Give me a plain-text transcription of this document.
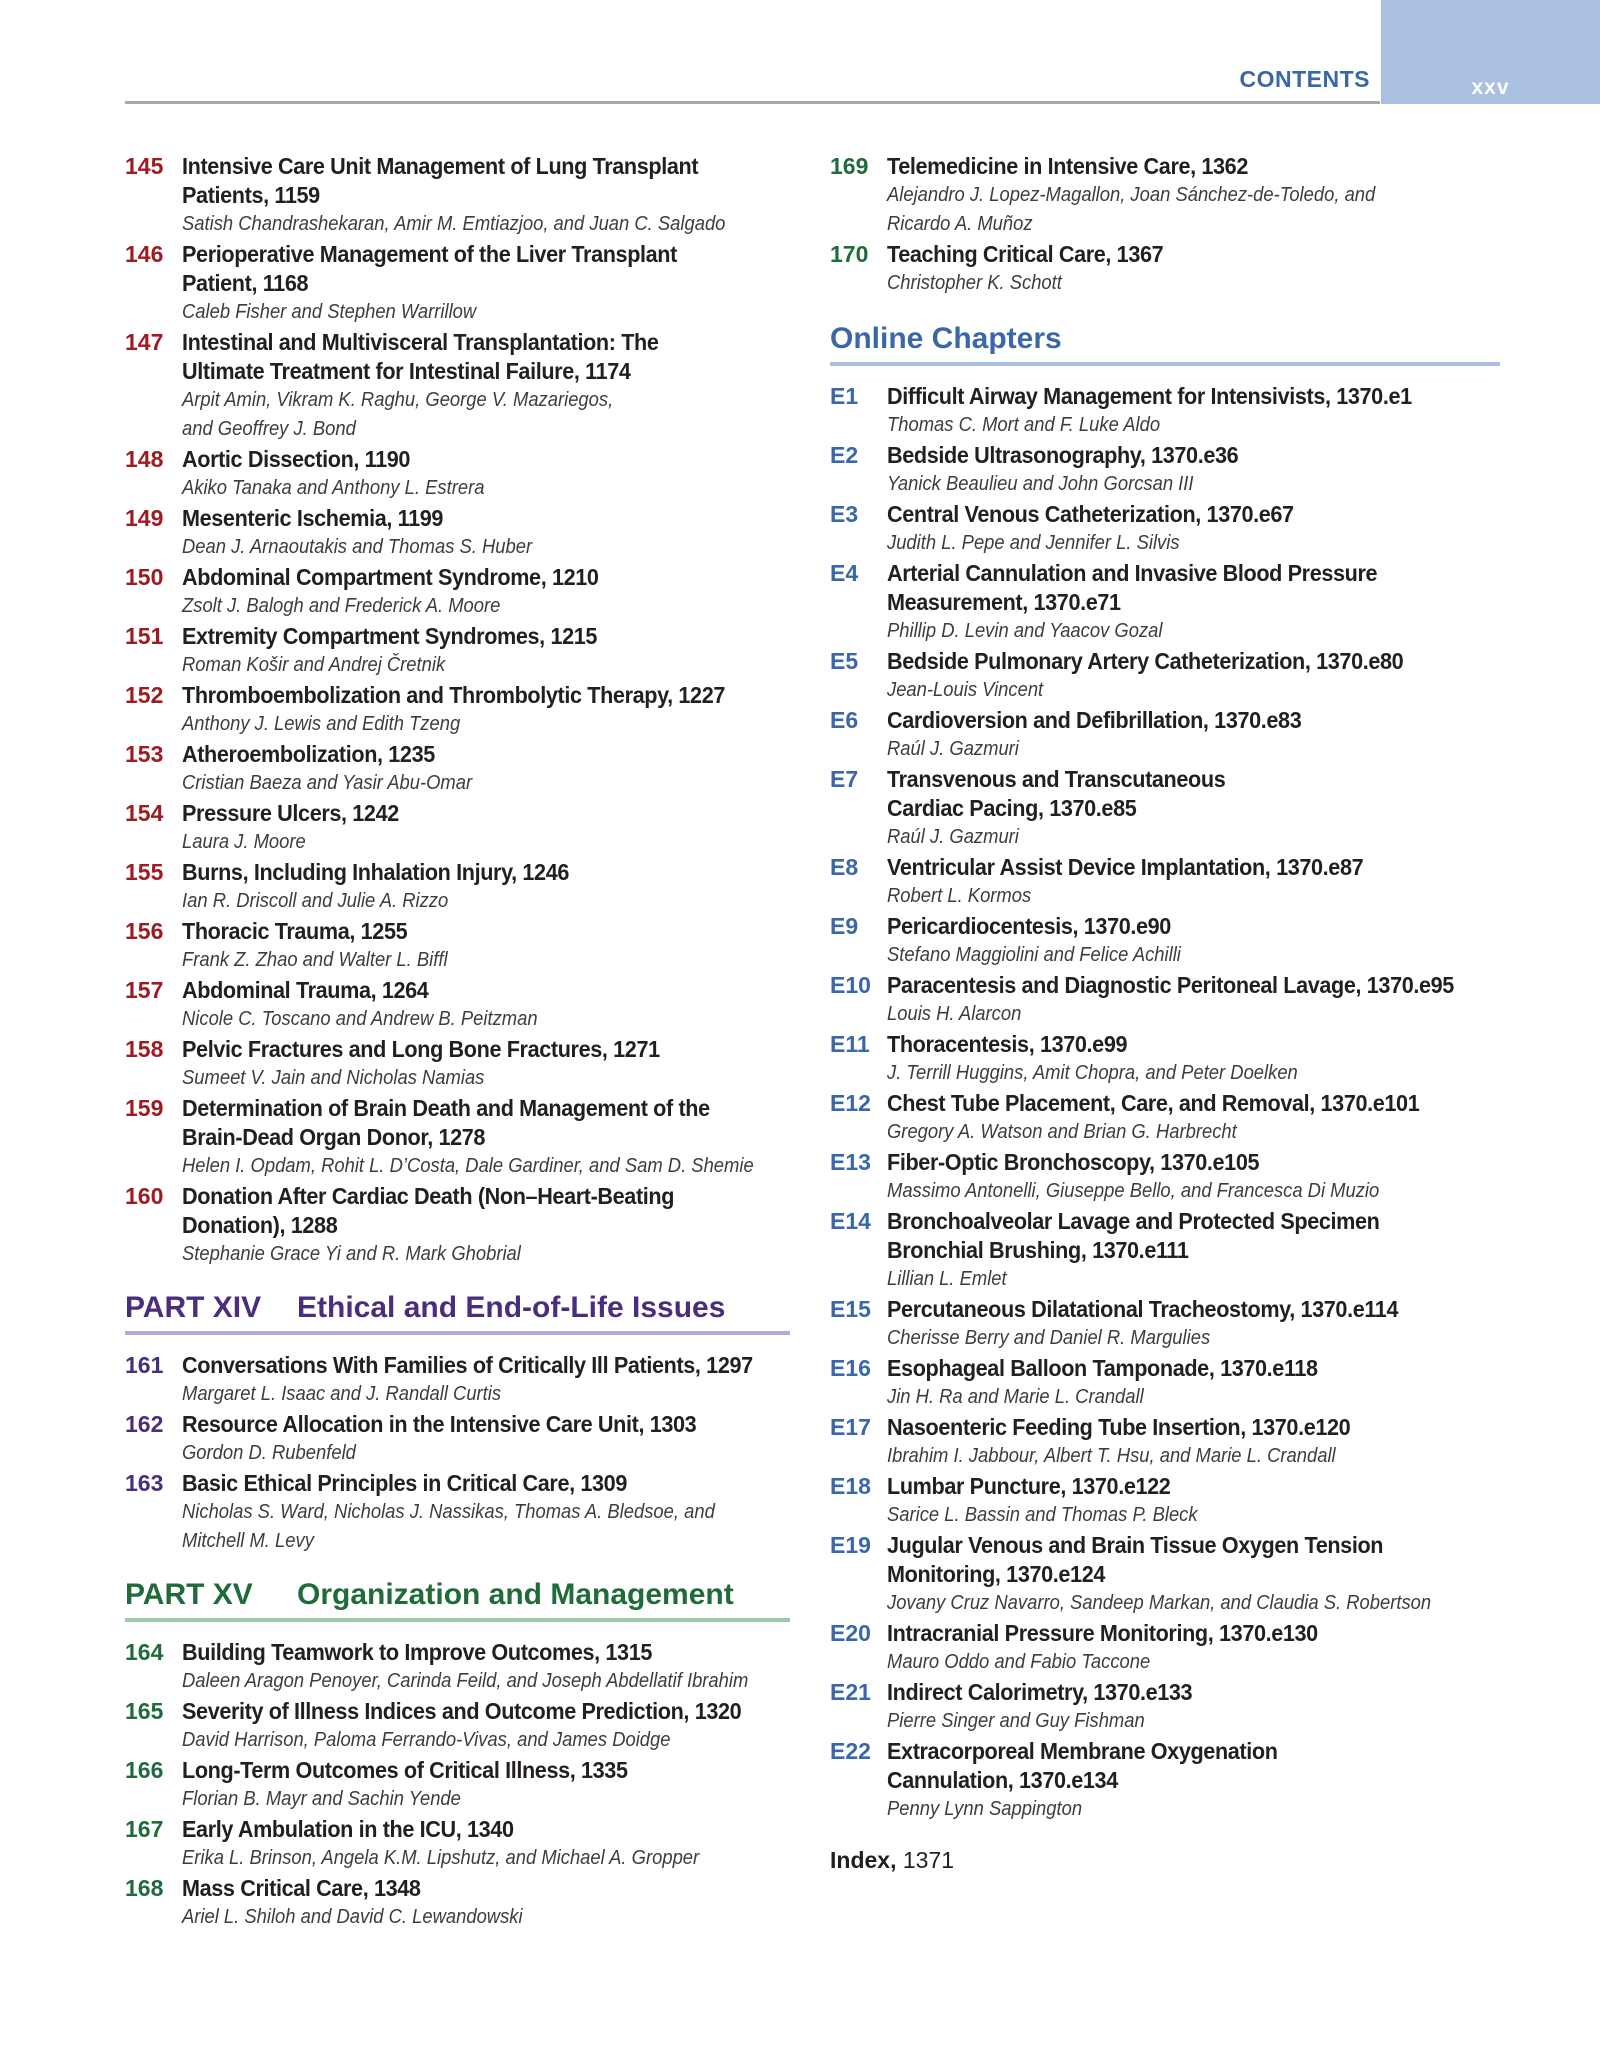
xxv
CONTENTS
145 Intensive Care Unit Management of Lung Transplant
Patients, 1159
Satish Chandrashekaran, Amir M. Emtiazjoo, and Juan C. Salgado
146 Perioperative Management of the Liver Transplant
Patient, 1168
Caleb Fisher and Stephen Warrillow
147 Intestinal and Multivisceral Transplantation: The
Ultimate Treatment for Intestinal Failure, 1174
Arpit Amin, Vikram K. Raghu, George V. Mazariegos,
and Geoffrey J. Bond
148 Aortic Dissection, 1190
Akiko Tanaka and Anthony L. Estrera
149 Mesenteric Ischemia, 1199
Dean J. Arnaoutakis and Thomas S. Huber
150 Abdominal Compartment Syndrome, 1210
Zsolt J. Balogh and Frederick A. Moore
151 Extremity Compartment Syndromes, 1215
Roman Košir and Andrej Čretnik
152 Thromboembolization and Thrombolytic Therapy, 1227
Anthony J. Lewis and Edith Tzeng
153 Atheroembolization, 1235
Cristian Baeza and Yasir Abu-Omar
154 Pressure Ulcers, 1242
Laura J. Moore
155 Burns, Including Inhalation Injury, 1246
Ian R. Driscoll and Julie A. Rizzo
156 Thoracic Trauma, 1255
Frank Z. Zhao and Walter L. Biffl
157 Abdominal Trauma, 1264
Nicole C. Toscano and Andrew B. Peitzman
158 Pelvic Fractures and Long Bone Fractures, 1271
Sumeet V. Jain and Nicholas Namias
159 Determination of Brain Death and Management of the
Brain-Dead Organ Donor, 1278
Helen I. Opdam, Rohit L. D’Costa, Dale Gardiner, and Sam D. Shemie
160 Donation After Cardiac Death (Non–Heart-Beating
Donation), 1288
Stephanie Grace Yi and R. Mark Ghobrial
PART XIV Ethical and End-of-Life Issues
161 Conversations With Families of Critically Ill Patients, 1297
Margaret L. Isaac and J. Randall Curtis
162 Resource Allocation in the Intensive Care Unit, 1303
Gordon D. Rubenfeld
163 Basic Ethical Principles in Critical Care, 1309
Nicholas S. Ward, Nicholas J. Nassikas, Thomas A. Bledsoe, and
Mitchell M. Levy
PART XV Organization and Management
164 Building Teamwork to Improve Outcomes, 1315
Daleen Aragon Penoyer, Carinda Feild, and Joseph Abdellatif Ibrahim
165 Severity of Illness Indices and Outcome Prediction, 1320
David Harrison, Paloma Ferrando-Vivas, and James Doidge
166 Long-Term Outcomes of Critical Illness, 1335
Florian B. Mayr and Sachin Yende
167 Early Ambulation in the ICU, 1340
Erika L. Brinson, Angela K.M. Lipshutz, and Michael A. Gropper
168 Mass Critical Care, 1348
Ariel L. Shiloh and David C. Lewandowski
169 Telemedicine in Intensive Care, 1362
Alejandro J. Lopez-Magallon, Joan Sánchez-de-Toledo, and
Ricardo A. Muñoz
170 Teaching Critical Care, 1367
Christopher K. Schott
Online Chapters
E1 Difficult Airway Management for Intensivists, 1370.e1
Thomas C. Mort and F. Luke Aldo
E2 Bedside Ultrasonography, 1370.e36
Yanick Beaulieu and John Gorcsan III
E3 Central Venous Catheterization, 1370.e67
Judith L. Pepe and Jennifer L. Silvis
E4 Arterial Cannulation and Invasive Blood Pressure
Measurement, 1370.e71
Phillip D. Levin and Yaacov Gozal
E5 Bedside Pulmonary Artery Catheterization, 1370.e80
Jean-Louis Vincent
E6 Cardioversion and Defibrillation, 1370.e83
Raúl J. Gazmuri
E7 Transvenous and Transcutaneous
Cardiac Pacing, 1370.e85
Raúl J. Gazmuri
E8 Ventricular Assist Device Implantation, 1370.e87
Robert L. Kormos
E9 Pericardiocentesis, 1370.e90
Stefano Maggiolini and Felice Achilli
E10 Paracentesis and Diagnostic Peritoneal Lavage, 1370.e95
Louis H. Alarcon
E11 Thoracentesis, 1370.e99
J. Terrill Huggins, Amit Chopra, and Peter Doelken
E12 Chest Tube Placement, Care, and Removal, 1370.e101
Gregory A. Watson and Brian G. Harbrecht
E13 Fiber-Optic Bronchoscopy, 1370.e105
Massimo Antonelli, Giuseppe Bello, and Francesca Di Muzio
E14 Bronchoalveolar Lavage and Protected Specimen
Bronchial Brushing, 1370.e111
Lillian L. Emlet
E15 Percutaneous Dilatational Tracheostomy, 1370.e114
Cherisse Berry and Daniel R. Margulies
E16 Esophageal Balloon Tamponade, 1370.e118
Jin H. Ra and Marie L. Crandall
E17 Nasoenteric Feeding Tube Insertion, 1370.e120
Ibrahim I. Jabbour, Albert T. Hsu, and Marie L. Crandall
E18 Lumbar Puncture, 1370.e122
Sarice L. Bassin and Thomas P. Bleck
E19 Jugular Venous and Brain Tissue Oxygen Tension
Monitoring, 1370.e124
Jovany Cruz Navarro, Sandeep Markan, and Claudia S. Robertson
E20 Intracranial Pressure Monitoring, 1370.e130
Mauro Oddo and Fabio Taccone
E21 Indirect Calorimetry, 1370.e133
Pierre Singer and Guy Fishman
E22 Extracorporeal Membrane Oxygenation
Cannulation, 1370.e134
Penny Lynn Sappington
Index, 1371
